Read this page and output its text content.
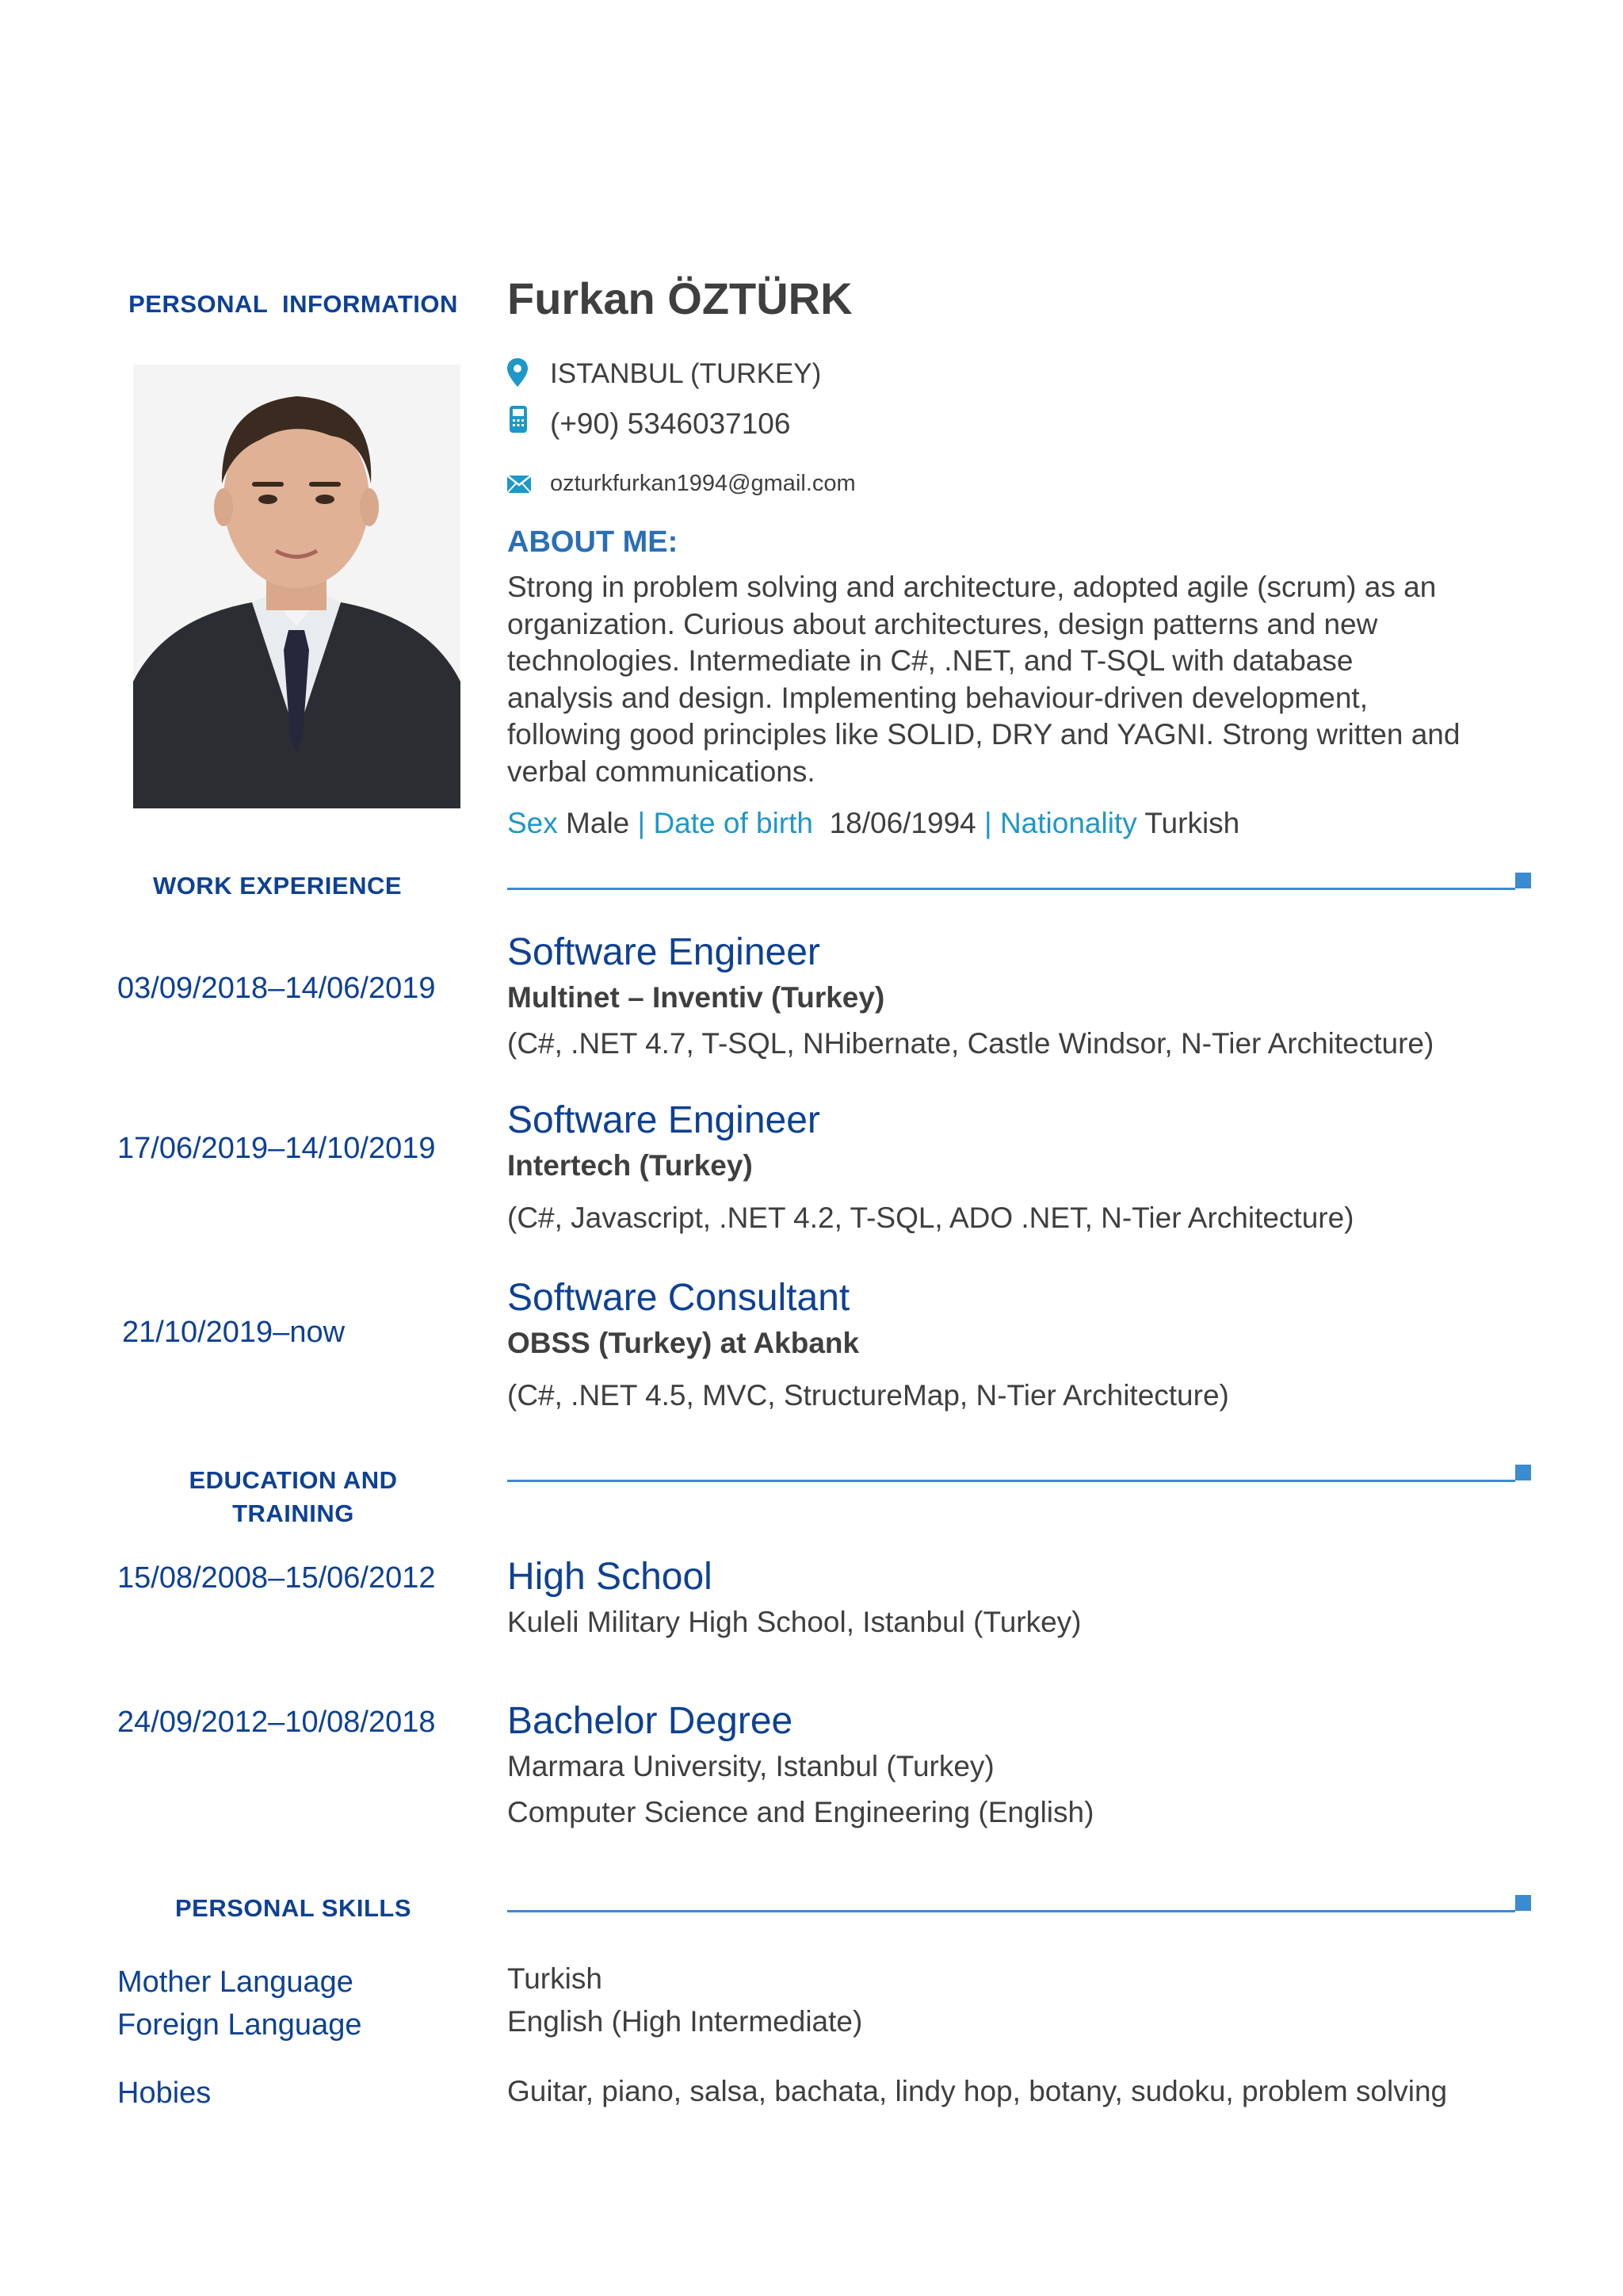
PERSONAL  INFORMATION	Furkan ÖZTÜRK
ISTANBUL (TURKEY)
(+90) 5346037106
ozturkfurkan1994@gmail.com
ABOUT ME:
Strong in problem solving and architecture, adopted agile (scrum) as an
organization. Curious about architectures, design patterns and new
technologies. Intermediate in C#, .NET, and T-SQL with database
analysis and design. Implementing behaviour-driven development,
following good principles like SOLID, DRY and YAGNI. Strong written and
verbal communications.
Sex Male | Date of birth 18/06/1994 | Nationality Turkish
WORK EXPERIENCE
03/09/2018–14/06/2019
Software Engineer
Multinet – Inventiv (Turkey)
(C#, .NET 4.7, T-SQL, NHibernate, Castle Windsor, N-Tier Architecture)
17/06/2019–14/10/2019
Software Engineer
Intertech (Turkey)
(C#, Javascript, .NET 4.2, T-SQL, ADO .NET, N-Tier Architecture)
21/10/2019–now
Software Consultant
OBSS (Turkey) at Akbank
(C#, .NET 4.5, MVC, StructureMap, N-Tier Architecture)
EDUCATION AND
TRAINING
15/08/2008–15/06/2012 High School
Kuleli Military High School, Istanbul (Turkey)
24/09/2012–10/08/2018 Bachelor Degree
Marmara University, Istanbul (Turkey)
Computer Science and Engineering (English)
PERSONAL SKILLS
Mother Language	Turkish
Foreign Language	English (High Intermediate)
Hobies	Guitar, piano, salsa, bachata, lindy hop, botany, sudoku, problem solving
